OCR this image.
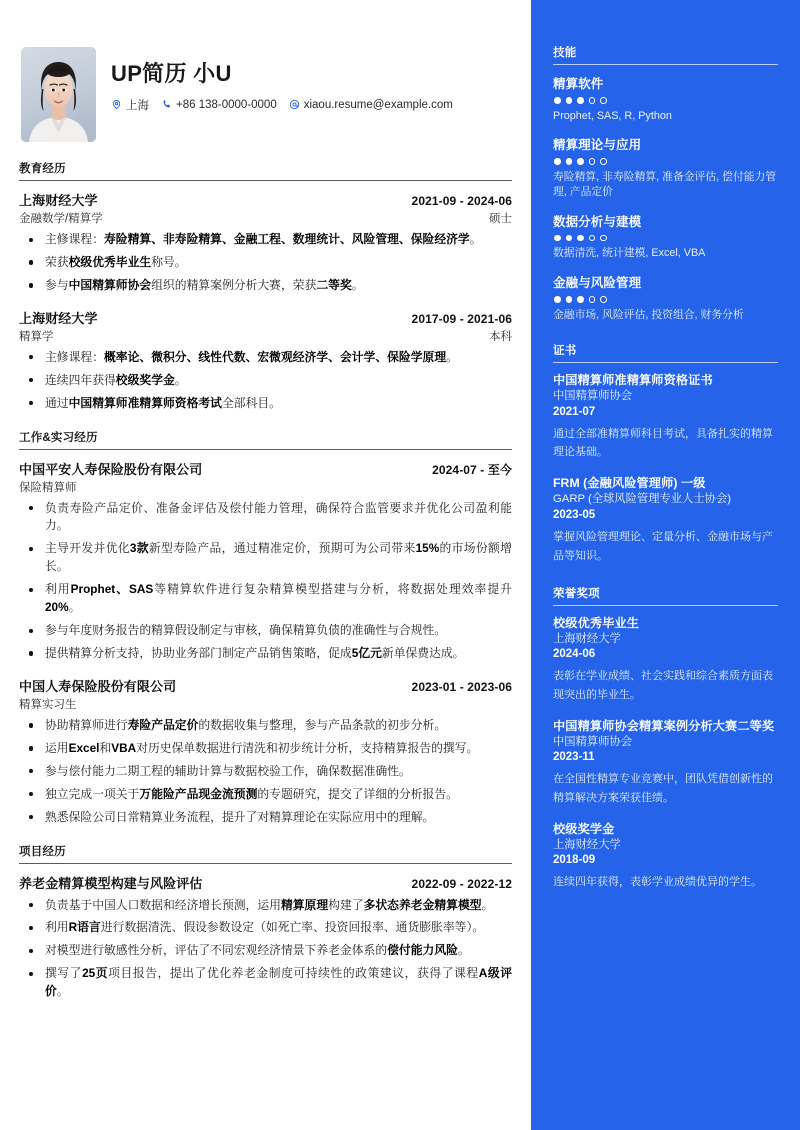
UP简历 小U
上海 +86 138-0000-0000 xiaou.resume@example.com
教育经历
上海财经大学	2021-09 - 2024-06
金融数学/精算学	硕士
主修课程：寿险精算、非寿险精算、金融工程、数理统计、风险管理、保险经济学。
荣获校级优秀毕业生称号。
参与中国精算师协会组织的精算案例分析大赛，荣获二等奖。
上海财经大学	2017-09 - 2021-06
精算学	本科
主修课程：概率论、微积分、线性代数、宏微观经济学、会计学、保险学原理。
连续四年获得校级奖学金。
通过中国精算师准精算师资格考试全部科目。
工作&实习经历
中国平安人寿保险股份有限公司	2024-07 - 至今
保险精算师
负责寿险产品定价、准备金评估及偿付能力管理，确保符合监管要求并优化公司盈利能力。
主导开发并优化3款新型寿险产品，通过精准定价，预期可为公司带来15%的市场份额增长。
利用Prophet、SAS等精算软件进行复杂精算模型搭建与分析，将数据处理效率提升20%。
参与年度财务报告的精算假设制定与审核，确保精算负债的准确性与合规性。
提供精算分析支持，协助业务部门制定产品销售策略，促成5亿元新单保费达成。
中国人寿保险股份有限公司	2023-01 - 2023-06
精算实习生
协助精算师进行寿险产品定价的数据收集与整理，参与产品条款的初步分析。
运用Excel和VBA对历史保单数据进行清洗和初步统计分析，支持精算报告的撰写。
参与偿付能力二期工程的辅助计算与数据校验工作，确保数据准确性。
独立完成一项关于万能险产品现金流预测的专题研究，提交了详细的分析报告。
熟悉保险公司日常精算业务流程，提升了对精算理论在实际应用中的理解。
项目经历
养老金精算模型构建与风险评估	2022-09 - 2022-12
负责基于中国人口数据和经济增长预测，运用精算原理构建了多状态养老金精算模型。
利用R语言进行数据清洗、假设参数设定（如死亡率、投资回报率、通货膨胀率等）。
对模型进行敏感性分析，评估了不同宏观经济情景下养老金体系的偿付能力风险。
撰写了25页项目报告，提出了优化养老金制度可持续性的政策建议，获得了课程A级评价。
技能
精算软件
Prophet, SAS, R, Python
精算理论与应用
寿险精算, 非寿险精算, 准备金评估, 偿付能力管理, 产品定价
数据分析与建模
数据清洗, 统计建模, Excel, VBA
金融与风险管理
金融市场, 风险评估, 投资组合, 财务分析
证书
中国精算师准精算师资格证书
中国精算师协会
2021-07
通过全部准精算师科目考试，具备扎实的精算理论基础。
FRM (金融风险管理师) 一级
GARP (全球风险管理专业人士协会)
2023-05
掌握风险管理理论、定量分析、金融市场与产品等知识。
荣誉奖项
校级优秀毕业生
上海财经大学
2024-06
表彰在学业成绩、社会实践和综合素质方面表现突出的毕业生。
中国精算师协会精算案例分析大赛二等奖
中国精算师协会
2023-11
在全国性精算专业竞赛中，团队凭借创新性的精算解决方案荣获佳绩。
校级奖学金
上海财经大学
2018-09
连续四年获得，表彰学业成绩优异的学生。
